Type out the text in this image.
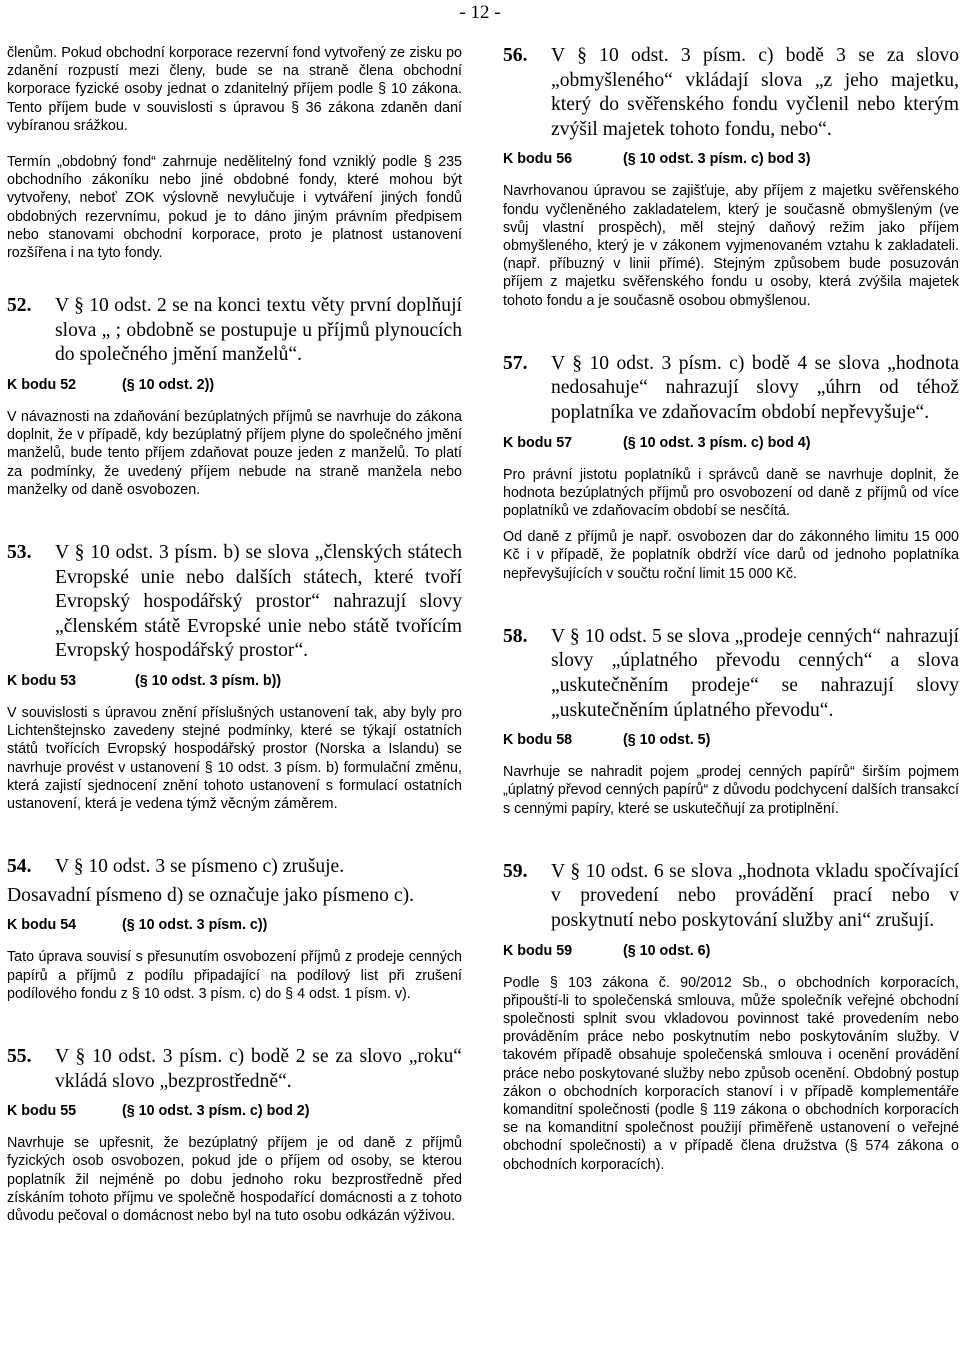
- 12 -

členům. Pokud obchodní korporace rezervní fond vytvořený ze zisku po zdanění rozpustí mezi členy, bude se na straně člena obchodní korporace fyzické osoby jednat o zdanitelný příjem podle § 10 zákona. Tento příjem bude v souvislosti s úpravou § 36 zákona zdaněn daní vybíranou srážkou.

Termín „obdobný fond“ zahrnuje nedělitelný fond vzniklý podle § 235 obchodního zákoníku nebo jiné obdobné fondy, které mohou být vytvořeny, neboť ZOK výslovně nevylučuje i vytváření jiných fondů obdobných rezervnímu, pokud je to dáno jiným právním předpisem nebo stanovami obchodní korporace, proto je platnost ustanovení rozšířena i na tyto fondy.

52.	V § 10 odst. 2 se na konci textu věty první doplňují slova „ ; obdobně se postupuje u příjmů plynoucích do společného jmění manželů“.
K bodu 52	(§ 10 odst. 2))

V návaznosti na zdaňování bezúplatných příjmů se navrhuje do zákona doplnit, že v případě, kdy bezúplatný příjem plyne do společného jmění manželů, bude tento příjem zdaňovat pouze jeden z manželů. To platí za podmínky, že uvedený příjem nebude na straně manžela nebo manželky od daně osvobozen.

53.	V § 10 odst. 3 písm. b) se slova „členských státech Evropské unie nebo dalších státech, které tvoří Evropský hospodářský prostor“ nahrazují slovy „členském státě Evropské unie nebo státě tvořícím Evropský hospodářský prostor“.
K bodu 53	(§ 10 odst. 3 písm. b))

V souvislosti s úpravou znění příslušných ustanovení tak, aby byly pro Lichtenštejnsko zavedeny stejné podmínky, které se týkají ostatních států tvořících Evropský hospodářský prostor (Norska a Islandu) se navrhuje provést v ustanovení § 10 odst. 3 písm. b) formulační změnu, která zajistí sjednocení znění tohoto ustanovení s formulací ostatních ustanovení, která je vedena týmž věcným záměrem.

54.	V § 10 odst. 3 se písmeno c) zrušuje.
Dosavadní písmeno d) se označuje jako písmeno c).
K bodu 54	(§ 10 odst. 3 písm. c))

Tato úprava souvisí s přesunutím osvobození příjmů z prodeje cenných papírů a příjmů z podílu připadající na podílový list při zrušení podílového fondu z § 10 odst. 3 písm. c) do § 4 odst. 1 písm. v).

55.	V § 10 odst. 3 písm. c) bodě 2 se za slovo „roku“ vkládá slovo „bezprostředně“.
K bodu 55	(§ 10 odst. 3 písm. c) bod 2)

Navrhuje se upřesnit, že bezúplatný příjem je od daně z příjmů fyzických osob osvobozen, pokud jde o příjem od osoby, se kterou poplatník žil nejméně po dobu jednoho roku bezprostředně před získáním tohoto příjmu ve společně hospodařící domácnosti a z tohoto důvodu pečoval o domácnost nebo byl na tuto osobu odkázán výživou.

56.	V § 10 odst. 3 písm. c) bodě 3 se za slovo „obmyšleného“ vkládají slova „z jeho majetku, který do svěřenského fondu vyčlenil nebo kterým zvýšil majetek tohoto fondu, nebo“.
K bodu 56	(§ 10 odst. 3 písm. c) bod 3)

Navrhovanou úpravou se zajišťuje, aby příjem z majetku svěřenského fondu vyčleněného zakladatelem, který je současně obmyšleným (ve svůj vlastní prospěch), měl stejný daňový režim jako příjem obmyšleného, který je v zákonem vyjmenovaném vztahu k zakladateli. (např. příbuzný v linii přímé). Stejným způsobem bude posuzován příjem z majetku svěřenského fondu u osoby, která zvýšila majetek tohoto fondu a je současně osobou obmyšlenou.

57.	V § 10 odst. 3 písm. c) bodě 4 se slova „hodnota nedosahuje“ nahrazují slovy „úhrn od téhož poplatníka ve zdaňovacím období nepřevyšuje“.
K bodu 57	(§ 10 odst. 3 písm. c) bod 4)

Pro právní jistotu poplatníků i správců daně se navrhuje doplnit, že hodnota bezúplatných příjmů pro osvobození od daně z příjmů od více poplatníků ve zdaňovacím období se nesčítá.

Od daně z příjmů je např. osvobozen dar do zákonného limitu 15 000 Kč i v případě, že poplatník obdrží více darů od jednoho poplatníka nepřevyšujících v součtu roční limit 15 000 Kč.

58.	V § 10 odst. 5 se slova „prodeje cenných“ nahrazují slovy „úplatného převodu cenných“ a slova „uskutečněním prodeje“ se nahrazují slovy „uskutečněním úplatného převodu“.
K bodu 58	(§ 10 odst. 5)

Navrhuje se nahradit pojem „prodej cenných papírů“ širším pojmem „úplatný převod cenných papírů“ z důvodu podchycení dalších transakcí s cennými papíry, které se uskutečňují za protiplnění.

59.	V § 10 odst. 6 se slova „hodnota vkladu spočívající v provedení nebo provádění prací nebo v poskytnutí nebo poskytování služby ani“ zrušují.
K bodu 59	(§ 10 odst. 6)

Podle § 103 zákona č. 90/2012 Sb., o obchodních korporacích, připouští-li to společenská smlouva, může společník veřejné obchodní společnosti splnit svou vkladovou povinnost také provedením nebo prováděním práce nebo poskytnutím nebo poskytováním služby. V takovém případě obsahuje společenská smlouva i ocenění provádění práce nebo poskytované služby nebo způsob ocenění. Obdobný postup zákon o obchodních korporacích stanoví i v případě komplementáře komanditní společnosti (podle § 119 zákona o obchodních korporacích se na komanditní společnost použijí přiměřeně ustanovení o veřejné obchodní společnosti) a v případě člena družstva (§ 574 zákona o obchodních korporacích).
